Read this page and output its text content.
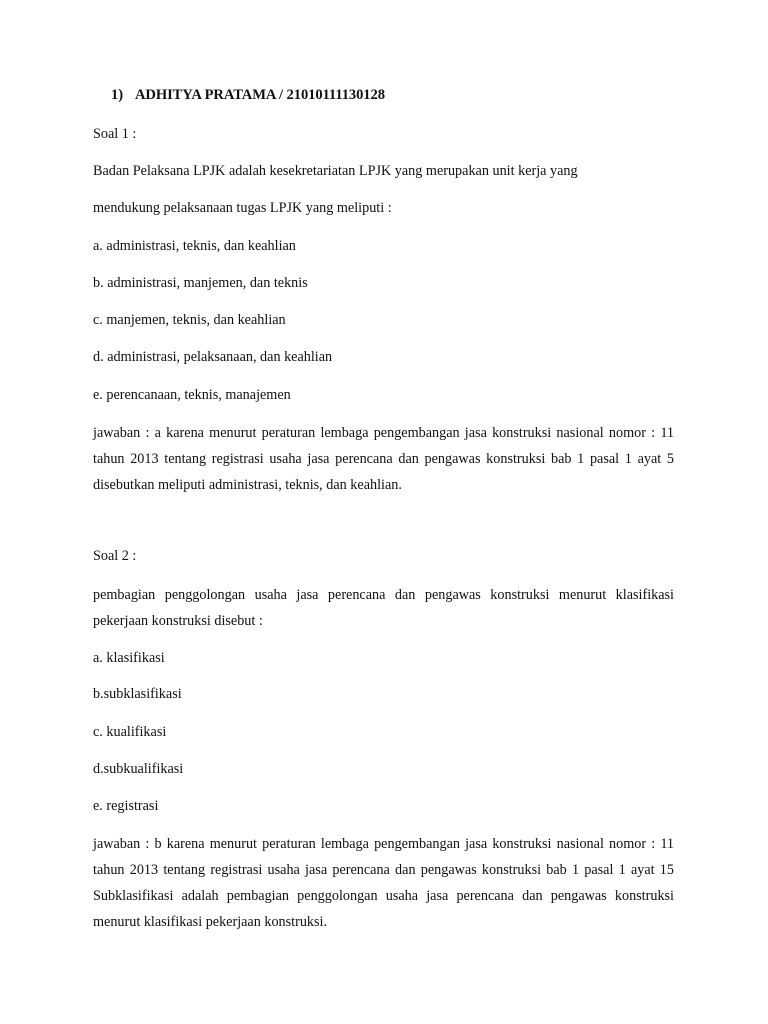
1) ADHITYA PRATAMA / 21010111130128
Soal 1 :
Badan Pelaksana LPJK adalah kesekretariatan LPJK yang merupakan unit kerja yang
mendukung pelaksanaan tugas LPJK yang meliputi :
a. administrasi, teknis, dan keahlian
b. administrasi, manjemen, dan teknis
c. manjemen, teknis, dan keahlian
d. administrasi, pelaksanaan, dan keahlian
e. perencanaan, teknis, manajemen
jawaban : a karena menurut peraturan lembaga pengembangan jasa konstruksi nasional nomor : 11 tahun 2013 tentang registrasi usaha jasa perencana dan pengawas konstruksi bab 1 pasal 1 ayat 5 disebutkan meliputi administrasi, teknis, dan keahlian.
Soal 2 :
pembagian penggolongan usaha jasa perencana dan pengawas konstruksi menurut klasifikasi pekerjaan konstruksi disebut :
a. klasifikasi
b.subklasifikasi
c. kualifikasi
d.subkualifikasi
e. registrasi
jawaban : b karena menurut peraturan lembaga pengembangan jasa konstruksi nasional nomor : 11 tahun 2013 tentang registrasi usaha jasa perencana dan pengawas konstruksi bab 1 pasal 1 ayat 15 Subklasifikasi adalah pembagian penggolongan usaha jasa perencana dan pengawas konstruksi menurut klasifikasi pekerjaan konstruksi.
